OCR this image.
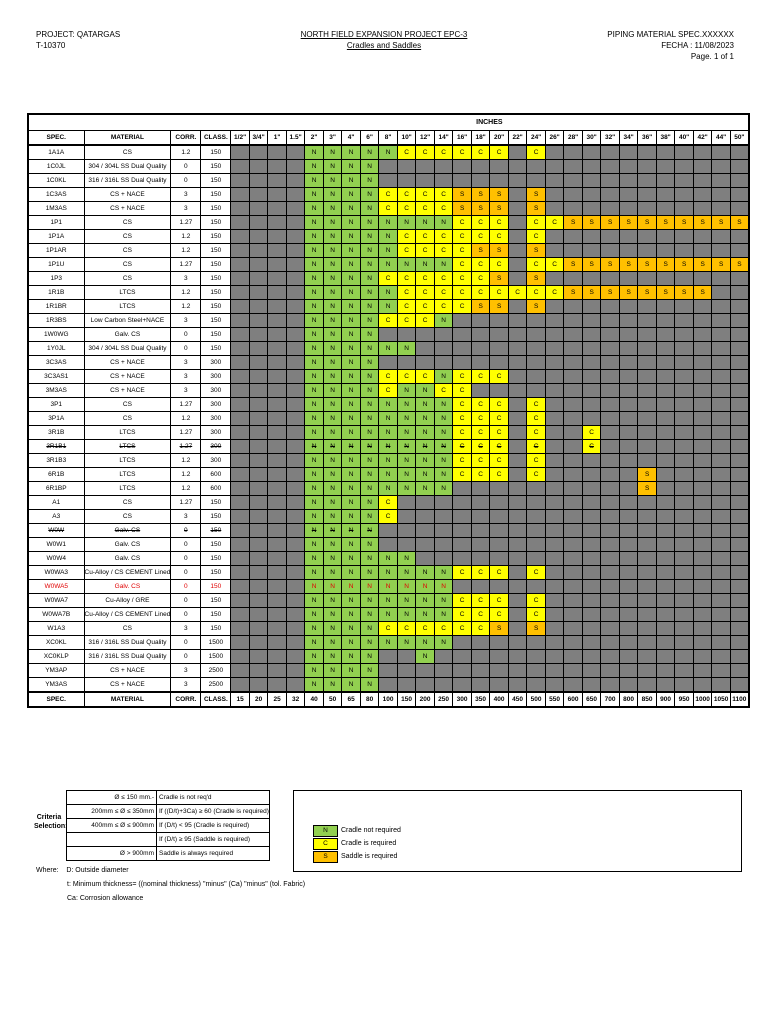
PROJECT: QATARGAS
T-10370
NORTH FIELD EXPANSION PROJECT EPC-3
Cradles and Saddles
PIPING MATERIAL SPEC.XXXXXX
FECHA : 11/08/2023
Page. 1 of 1
				INCHES																											
SPEC.	MATERIAL	CORR.	CLASS.	1/2"	3/4"	1"	1.5"	2"	3"	4"	6"	8"	10"	12"	14"	16"	18"	20"	22"	24"	26"	28"	30"	32"	34"	36"	38"	40"	42"	44"	50"
1A1A	CS	1.2	150					N	N	N	N	N	C	C	C	C	C	C		C											
1C0JL	304 / 304L SS Dual Quality	0	150					N	N	N	N																				
1C0KL	316 / 316L SS Dual Quality	0	150					N	N	N	N																				
1C3AS	CS + NACE	3	150					N	N	N	N	C	C	C	C	S	S	S		S											
1M3AS	CS + NACE	3	150					N	N	N	N	C	C	C	C	S	S	S		S											
1P1	CS	1.27	150					N	N	N	N	N	N	N	N	C	C	C		C	C	S	S	S	S	S	S	S	S	S	S
1P1A	CS	1.2	150					N	N	N	N	N	C	C	C	C	C	C		C											
1P1AR	CS	1.2	150					N	N	N	N	N	C	C	C	C	S	S		S											
1P1U	CS	1.27	150					N	N	N	N	N	N	N	N	C	C	C		C	C	S	S	S	S	S	S	S	S	S	S
1P3	CS	3	150					N	N	N	N	C	C	C	C	C	C	S		S											
1R1B	LTCS	1.2	150					N	N	N	N	N	C	C	C	C	C	C	C	C	C	S	S	S	S	S	S	S	S		
1R1BR	LTCS	1.2	150					N	N	N	N	N	C	C	C	C	S	S		S											
1R3BS	Low Carbon Steel+NACE	3	150					N	N	N	N	C	C	C	N																
1W0WG	Galv. CS	0	150					N	N	N	N																				
1Y0JL	304 / 304L SS Dual Quality	0	150					N	N	N	N	N	N																		
3C3AS	CS + NACE	3	300					N	N	N	N																				
3C3AS1	CS + NACE	3	300					N	N	N	N	C	C	C	N	C	C	C													
3M3AS	CS + NACE	3	300					N	N	N	N	C	N	N	C	C															
3P1	CS	1.27	300					N	N	N	N	N	N	N	N	C	C	C		C											
3P1A	CS	1.2	300					N	N	N	N	N	N	N	N	C	C	C		C											
3R1B	LTCS	1.27	300					N	N	N	N	N	N	N	N	C	C	C		C			C								
3R1B1	LTCS	1.27	300					N	N	N	N	N	N	N	N	C	C	C		C			C								
3R1B3	LTCS	1.2	300					N	N	N	N	N	N	N	N	C	C	C		C											
6R1B	LTCS	1.2	600					N	N	N	N	N	N	N	N	C	C	C		C						S					
6R1BP	LTCS	1.2	600					N	N	N	N	N	N	N	N											S					
A1	CS	1.27	150					N	N	N	N	C																			
A3	CS	3	150					N	N	N	N	C																			
W0W	Galv. CS	0	150					N	N	N	N																				
W0W1	Galv. CS	0	150					N	N	N	N																				
W0W4	Galv. CS	0	150					N	N	N	N	N	N																		
W0WA3	Cu-Alloy / CS CEMENT Lined	0	150					N	N	N	N	N	N	N	N	C	C	C		C											
W0WA5	Galv. CS	0	150					N	N	N	N	N	N	N	N																
W0WA7	Cu-Alloy / GRE	0	150					N	N	N	N	N	N	N	N	C	C	C		C											
W0WA7B	Cu-Alloy / CS CEMENT Lined	0	150					N	N	N	N	N	N	N	N	C	C	C		C											
W1A3	CS	3	150					N	N	N	N	C	C	C	C	C	C	S		S											
XC0KL	316 / 316L SS Dual Quality	0	1500					N	N	N	N	N	N	N	N																
XC0KLP	316 / 316L SS Dual Quality	0	1500					N	N	N	N			N																	
YM3AP	CS + NACE	3	2500					N	N	N	N																				
YM3AS	CS + NACE	3	2500					N	N	N	N																				
SPEC.	MATERIAL	CORR.	CLASS.	15	20	25	32	40	50	65	80	100	150	200	250	300	350	400	450	500	550	600	650	700	800	850	900	950	1000	1050	1100
Criteria Selection:
Ø ≤ 150 mm.- Cradle is not req'd
200mm ≤ Ø ≤ 350mm If ((D/t)+3Ca) ≥ 60 (Cradle is required)
400mm ≤ Ø ≤ 900mm If (D/t) < 95 (Cradle is required)
If (D/t) ≥ 95 (Saddle is required)
Ø > 900mm Saddle is always required
N	Cradle not required
C	Cradle is required
S	Saddle is required
Where: D: Outside diameter
t: Minimum thickness= ((nominal thickness) "minus" (Ca) "minus" (tol. Fabric)
Ca: Corrosion allowance
